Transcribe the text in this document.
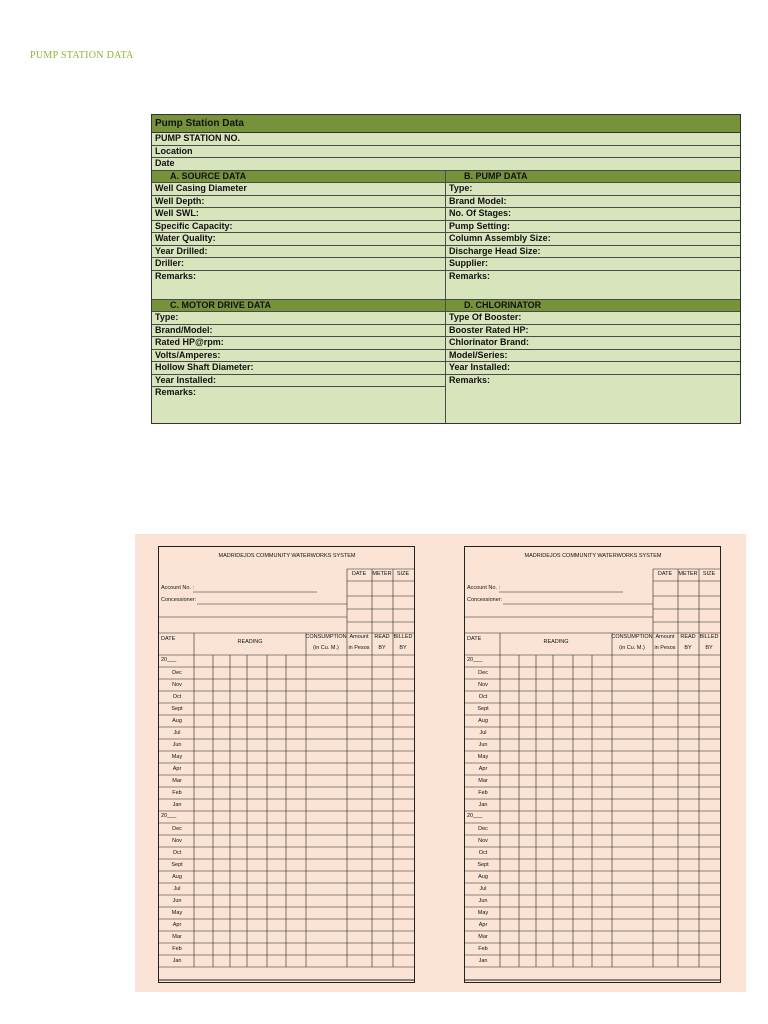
PUMP STATION DATA
Pump Station Data
PUMP STATION NO.
Location
Date
A. SOURCE DATA
Well Casing Diameter
Well Depth:
Well SWL:
Specific Capacity:
Water Quality:
Year Drilled:
Driller:
Remarks:
B. PUMP DATA
Type:
Brand Model:
No. Of Stages:
Pump Setting:
Column Assembly Size:
Discharge Head Size:
Supplier:
Remarks:
C. MOTOR DRIVE DATA
Type:
Brand/Model:
Rated HP@rpm:
Volts/Amperes:
Hollow Shaft Diameter:
Year Installed:
Remarks:
D. CHLORINATOR
Type Of Booster:
Booster Rated HP:
Chlorinator Brand:
Model/Series:
Year Installed:
Remarks:
MADRIDEJOS COMMUNITY WATERWORKS SYSTEM
DATE METER SIZE
Account No. :
Concessioner:
DATE	READING
CONSUMPTION
(in Cu. M.)
Amount
in Pesos
READ
BY
BILLED
BY
20___
Dec
Nov
Oct
Sept
Aug
Jul
Jun
May
Apr
Mar
Feb
Jan
20___
Dec
Nov
Oct
Sept
Aug
Jul
Jun
May
Apr
Mar
Feb
Jan
MADRIDEJOS COMMUNITY WATERWORKS SYSTEM
DATE METER SIZE
Account No. :
Concessioner:
DATE	READING
CONSUMPTION
(in Cu. M.)
Amount
in Pesos
READ
BY
BILLED
BY
20___
Dec
Nov
Oct
Sept
Aug
Jul
Jun
May
Apr
Mar
Feb
Jan
20___
Dec
Nov
Oct
Sept
Aug
Jul
Jun
May
Apr
Mar
Feb
Jan
